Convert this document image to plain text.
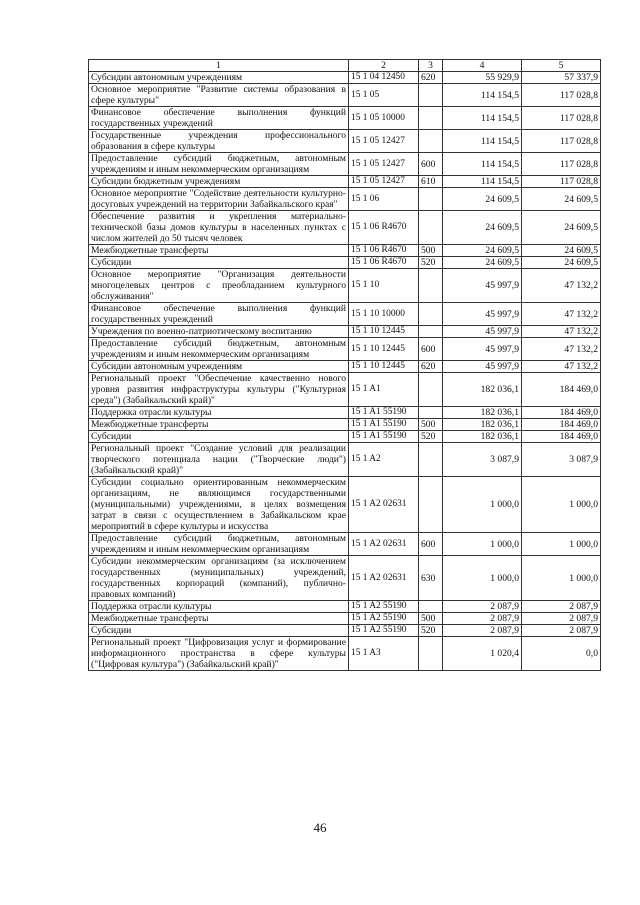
1	2	3	4	5
Субсидии автономным учреждениям	15 1 04 12450	620	55 929,9	57 337,9
Основное мероприятие "Развитие системы образования в сфере культуры"	15 1 05		114 154,5	117 028,8
Финансовое обеспечение выполнения функций государственных учреждений	15 1 05 10000		114 154,5	117 028,8
Государственные учреждения профессионального образования в сфере культуры	15 1 05 12427		114 154,5	117 028,8
Предоставление субсидий бюджетным, автономным учреждениям и иным некоммерческим организациям	15 1 05 12427	600	114 154,5	117 028,8
Субсидии бюджетным учреждениям	15 1 05 12427	610	114 154,5	117 028,8
Основное мероприятие "Содействие деятельности культурно-досуговых учреждений на территории Забайкальского края"	15 1 06		24 609,5	24 609,5
Обеспечение развития и укрепления материально-технической базы домов культуры в населенных пунктах с числом жителей до 50 тысяч человек	15 1 06 R4670		24 609,5	24 609,5
Межбюджетные трансферты	15 1 06 R4670	500	24 609,5	24 609,5
Субсидии	15 1 06 R4670	520	24 609,5	24 609,5
Основное мероприятие "Организация деятельности многоцелевых центров с преобладанием культурного обслуживания"	15 1 10		45 997,9	47 132,2
Финансовое обеспечение выполнения функций государственных учреждений	15 1 10 10000		45 997,9	47 132,2
Учреждения по военно-патриотическому воспитанию	15 1 10 12445		45 997,9	47 132,2
Предоставление субсидий бюджетным, автономным учреждениям и иным некоммерческим организациям	15 1 10 12445	600	45 997,9	47 132,2
Субсидии автономным учреждениям	15 1 10 12445	620	45 997,9	47 132,2
Региональный проект "Обеспечение качественно нового уровня развития инфраструктуры культуры ("Культурная среда") (Забайкальский край)"	15 1 A1		182 036,1	184 469,0
Поддержка отрасли культуры	15 1 A1 55190		182 036,1	184 469,0
Межбюджетные трансферты	15 1 A1 55190	500	182 036,1	184 469,0
Субсидии	15 1 A1 55190	520	182 036,1	184 469,0
Региональный проект "Создание условий для реализации творческого потенциала нации ("Творческие люди") (Забайкальский край)"	15 1 A2		3 087,9	3 087,9
Субсидии социально ориентированным некоммерческим организациям, не являющимся государственными (муниципальными) учреждениями, в целях возмещения затрат в связи с осуществлением в Забайкальском крае мероприятий в сфере культуры и искусства	15 1 A2 02631		1 000,0	1 000,0
Предоставление субсидий бюджетным, автономным учреждениям и иным некоммерческим организациям	15 1 A2 02631	600	1 000,0	1 000,0
Субсидии некоммерческим организациям (за исключением государственных (муниципальных) учреждений, государственных корпораций (компаний), публично-правовых компаний)	15 1 A2 02631	630	1 000,0	1 000,0
Поддержка отрасли культуры	15 1 A2 55190		2 087,9	2 087,9
Межбюджетные трансферты	15 1 A2 55190	500	2 087,9	2 087,9
Субсидии	15 1 A2 55190	520	2 087,9	2 087,9
Региональный проект "Цифровизация услуг и формирование информационного пространства в сфере культуры ("Цифровая культура") (Забайкальский край)"	15 1 A3		1 020,4	0,0
46
